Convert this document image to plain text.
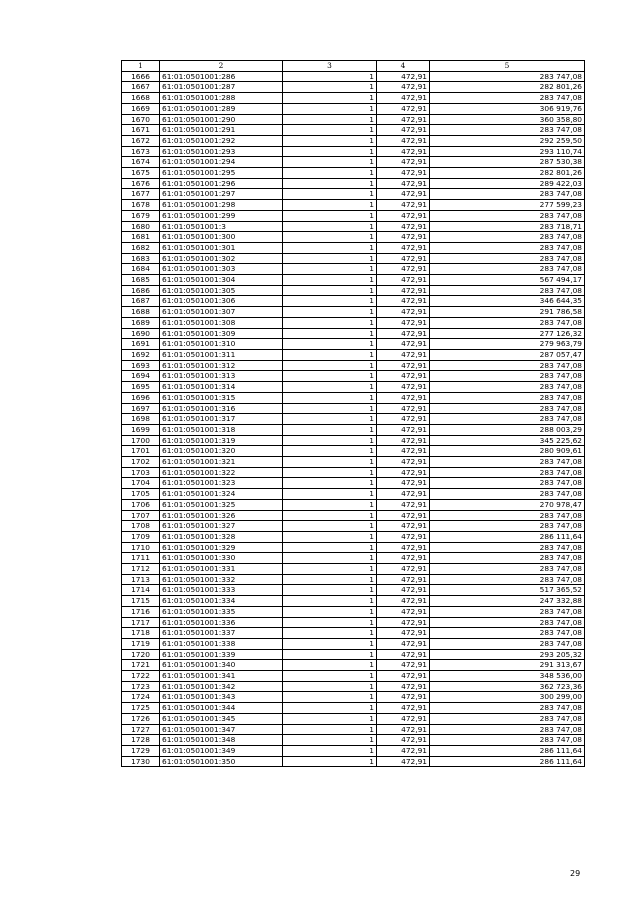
1	2	3	4	5
1666	61:01:0501001:286	1	472,91	283 747,08
1667	61:01:0501001:287	1	472,91	282 801,26
1668	61:01:0501001:288	1	472,91	283 747,08
1669	61:01:0501001:289	1	472,91	306 919,76
1670	61:01:0501001:290	1	472,91	360 358,80
1671	61:01:0501001:291	1	472,91	283 747,08
1672	61:01:0501001:292	1	472,91	292 259,50
1673	61:01:0501001:293	1	472,91	293 110,74
1674	61:01:0501001:294	1	472,91	287 530,38
1675	61:01:0501001:295	1	472,91	282 801,26
1676	61:01:0501001:296	1	472,91	289 422,03
1677	61:01:0501001:297	1	472,91	283 747,08
1678	61:01:0501001:298	1	472,91	277 599,23
1679	61:01:0501001:299	1	472,91	283 747,08
1680	61:01:0501001:3	1	472,91	283 718,71
1681	61:01:0501001:300	1	472,91	283 747,08
1682	61:01:0501001:301	1	472,91	283 747,08
1683	61:01:0501001:302	1	472,91	283 747,08
1684	61:01:0501001:303	1	472,91	283 747,08
1685	61:01:0501001:304	1	472,91	567 494,17
1686	61:01:0501001:305	1	472,91	283 747,08
1687	61:01:0501001:306	1	472,91	346 644,35
1688	61:01:0501001:307	1	472,91	291 786,58
1689	61:01:0501001:308	1	472,91	283 747,08
1690	61:01:0501001:309	1	472,91	277 126,32
1691	61:01:0501001:310	1	472,91	279 963,79
1692	61:01:0501001:311	1	472,91	287 057,47
1693	61:01:0501001:312	1	472,91	283 747,08
1694	61:01:0501001:313	1	472,91	283 747,08
1695	61:01:0501001:314	1	472,91	283 747,08
1696	61:01:0501001:315	1	472,91	283 747,08
1697	61:01:0501001:316	1	472,91	283 747,08
1698	61:01:0501001:317	1	472,91	283 747,08
1699	61:01:0501001:318	1	472,91	288 003,29
1700	61:01:0501001:319	1	472,91	345 225,62
1701	61:01:0501001:320	1	472,91	280 909,61
1702	61:01:0501001:321	1	472,91	283 747,08
1703	61:01:0501001:322	1	472,91	283 747,08
1704	61:01:0501001:323	1	472,91	283 747,08
1705	61:01:0501001:324	1	472,91	283 747,08
1706	61:01:0501001:325	1	472,91	270 978,47
1707	61:01:0501001:326	1	472,91	283 747,08
1708	61:01:0501001:327	1	472,91	283 747,08
1709	61:01:0501001:328	1	472,91	286 111,64
1710	61:01:0501001:329	1	472,91	283 747,08
1711	61:01:0501001:330	1	472,91	283 747,08
1712	61:01:0501001:331	1	472,91	283 747,08
1713	61:01:0501001:332	1	472,91	283 747,08
1714	61:01:0501001:333	1	472,91	517 365,52
1715	61:01:0501001:334	1	472,91	247 332,88
1716	61:01:0501001:335	1	472,91	283 747,08
1717	61:01:0501001:336	1	472,91	283 747,08
1718	61:01:0501001:337	1	472,91	283 747,08
1719	61:01:0501001:338	1	472,91	283 747,08
1720	61:01:0501001:339	1	472,91	293 205,32
1721	61:01:0501001:340	1	472,91	291 313,67
1722	61:01:0501001:341	1	472,91	348 536,00
1723	61:01:0501001:342	1	472,91	362 723,36
1724	61:01:0501001:343	1	472,91	300 299,00
1725	61:01:0501001:344	1	472,91	283 747,08
1726	61:01:0501001:345	1	472,91	283 747,08
1727	61:01:0501001:347	1	472,91	283 747,08
1728	61:01:0501001:348	1	472,91	283 747,08
1729	61:01:0501001:349	1	472,91	286 111,64
1730	61:01:0501001:350	1	472,91	286 111,64
29
